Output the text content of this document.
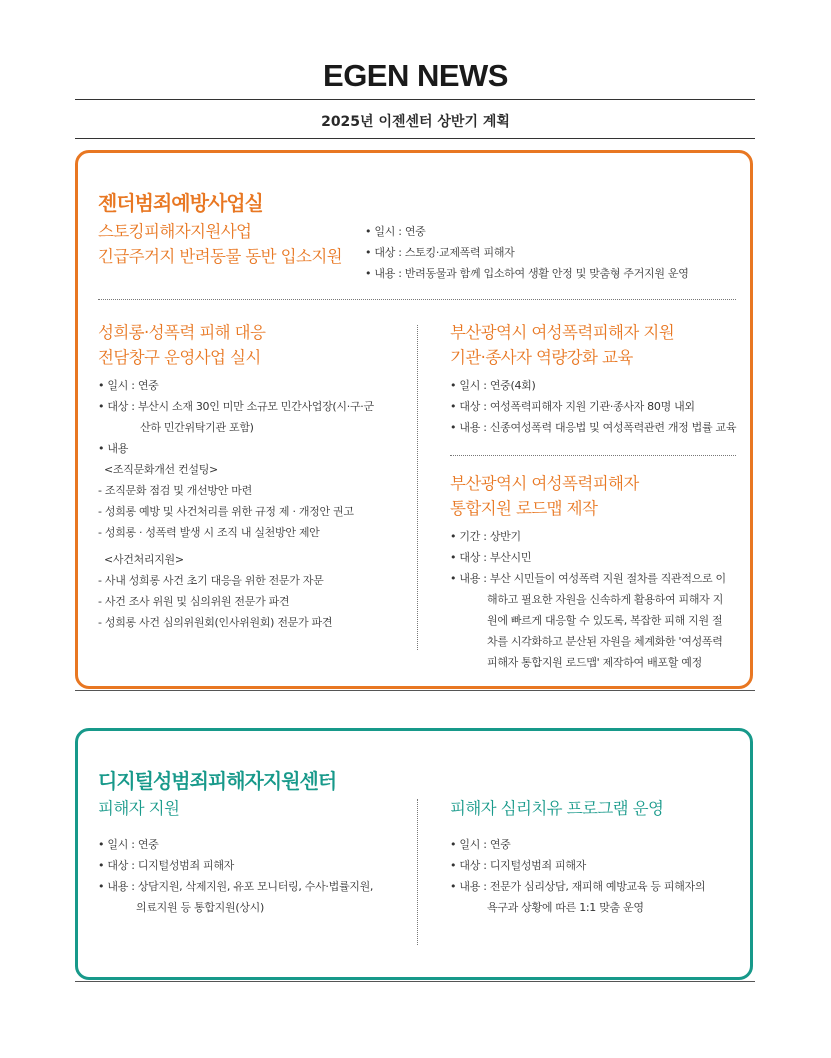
EGEN NEWS
2025년 이젠센터 상반기 계획
젠더범죄예방사업실
스토킹피해자지원사업
긴급주거지 반려동물 동반 입소지원
• 일시 : 연중
• 대상 : 스토킹·교제폭력 피해자
• 내용 : 반려동물과 함께 입소하여 생활 안정 및 맞춤형 주거지원 운영
성희롱·성폭력 피해 대응
전담창구 운영사업 실시
• 일시 : 연중
• 대상 : 부산시 소재 30인 미만 소규모 민간사업장(시·구·군
산하 민간위탁기관 포함)
• 내용
<조직문화개선 컨설팅>
- 조직문화 점검 및 개선방안 마련
- 성희롱 예방 및 사건처리를 위한 규정 제 · 개정안 권고
- 성희롱 · 성폭력 발생 시 조직 내 실천방안 제안
<사건처리지원>
- 사내 성희롱 사건 초기 대응을 위한 전문가 자문
- 사건 조사 위원 및 심의위원 전문가 파견
- 성희롱 사건 심의위원회(인사위원회) 전문가 파견
부산광역시 여성폭력피해자 지원
기관·종사자 역량강화 교육
• 일시 : 연중(4회)
• 대상 : 여성폭력피해자 지원 기관·종사자 80명 내외
• 내용 : 신종여성폭력 대응법 및 여성폭력관련 개정 법률 교육
부산광역시 여성폭력피해자
통합지원 로드맵 제작
• 기간 : 상반기
• 대상 : 부산시민
• 내용 : 부산 시민들이 여성폭력 지원 절차를 직관적으로 이
해하고 필요한 자원을 신속하게 활용하여 피해자 지
원에 빠르게 대응할 수 있도록, 복잡한 피해 지원 절
차를 시각화하고 분산된 자원을 체계화한 '여성폭력
피해자 통합지원 로드맵' 제작하여 배포할 예정
디지털성범죄피해자지원센터
피해자 지원
• 일시 : 연중
• 대상 : 디지털성범죄 피해자
• 내용 : 상담지원, 삭제지원, 유포 모니터링, 수사·법률지원,
의료지원 등 통합지원(상시)
피해자 심리치유 프로그램 운영
• 일시 : 연중
• 대상 : 디지털성범죄 피해자
• 내용 : 전문가 심리상담, 재피해 예방교육 등 피해자의
욕구과 상황에 따른 1:1 맞춤 운영
